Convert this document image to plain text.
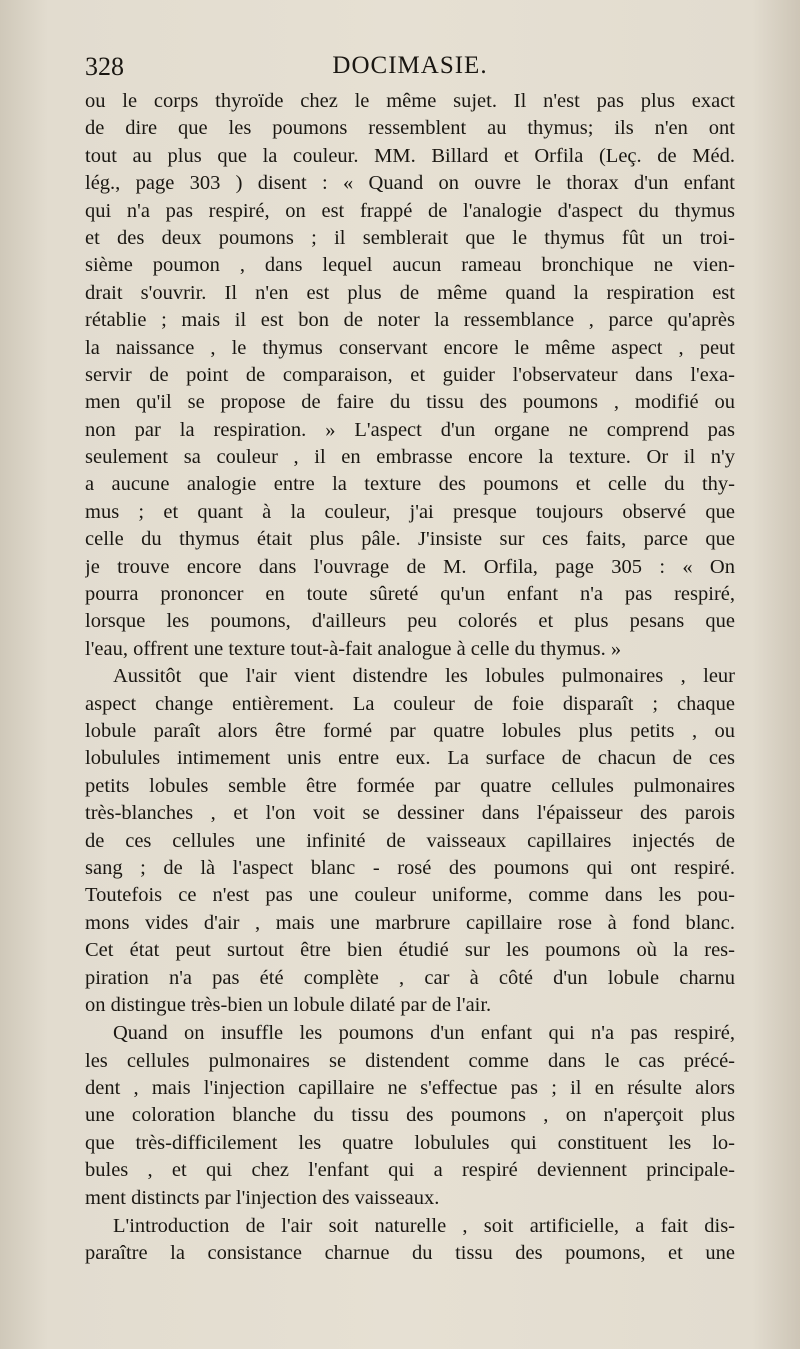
328	DOCIMASIE.
ou le corps thyroïde chez le même sujet. Il n'est pas plus exact
de dire que les poumons ressemblent au thymus; ils n'en ont
tout au plus que la couleur. MM. Billard et Orfila (Leç. de Méd.
lég., page 303 ) disent : « Quand on ouvre le thorax d'un enfant
qui n'a pas respiré, on est frappé de l'analogie d'aspect du thymus
et des deux poumons ; il semblerait que le thymus fût un troi-
sième poumon , dans lequel aucun rameau bronchique ne vien-
drait s'ouvrir. Il n'en est plus de même quand la respiration est
rétablie ; mais il est bon de noter la ressemblance , parce qu'après
la naissance , le thymus conservant encore le même aspect , peut
servir de point de comparaison, et guider l'observateur dans l'exa-
men qu'il se propose de faire du tissu des poumons , modifié ou
non par la respiration. » L'aspect d'un organe ne comprend pas
seulement sa couleur , il en embrasse encore la texture. Or il n'y
a aucune analogie entre la texture des poumons et celle du thy-
mus ; et quant à la couleur, j'ai presque toujours observé que
celle du thymus était plus pâle. J'insiste sur ces faits, parce que
je trouve encore dans l'ouvrage de M. Orfila, page 305 : « On
pourra prononcer en toute sûreté qu'un enfant n'a pas respiré,
lorsque les poumons, d'ailleurs peu colorés et plus pesans que
l'eau, offrent une texture tout-à-fait analogue à celle du thymus. »
Aussitôt que l'air vient distendre les lobules pulmonaires , leur
aspect change entièrement. La couleur de foie disparaît ; chaque
lobule paraît alors être formé par quatre lobules plus petits , ou
lobulules intimement unis entre eux. La surface de chacun de ces
petits lobules semble être formée par quatre cellules pulmonaires
très-blanches , et l'on voit se dessiner dans l'épaisseur des parois
de ces cellules une infinité de vaisseaux capillaires injectés de
sang ; de là l'aspect blanc - rosé des poumons qui ont respiré.
Toutefois ce n'est pas une couleur uniforme, comme dans les pou-
mons vides d'air , mais une marbrure capillaire rose à fond blanc.
Cet état peut surtout être bien étudié sur les poumons où la res-
piration n'a pas été complète , car à côté d'un lobule charnu
on distingue très-bien un lobule dilaté par de l'air.
Quand on insuffle les poumons d'un enfant qui n'a pas respiré,
les cellules pulmonaires se distendent comme dans le cas précé-
dent , mais l'injection capillaire ne s'effectue pas ; il en résulte alors
une coloration blanche du tissu des poumons , on n'aperçoit plus
que très-difficilement les quatre lobulules qui constituent les lo-
bules , et qui chez l'enfant qui a respiré deviennent principale-
ment distincts par l'injection des vaisseaux.
L'introduction de l'air soit naturelle , soit artificielle, a fait dis-
paraître la consistance charnue du tissu des poumons, et une
